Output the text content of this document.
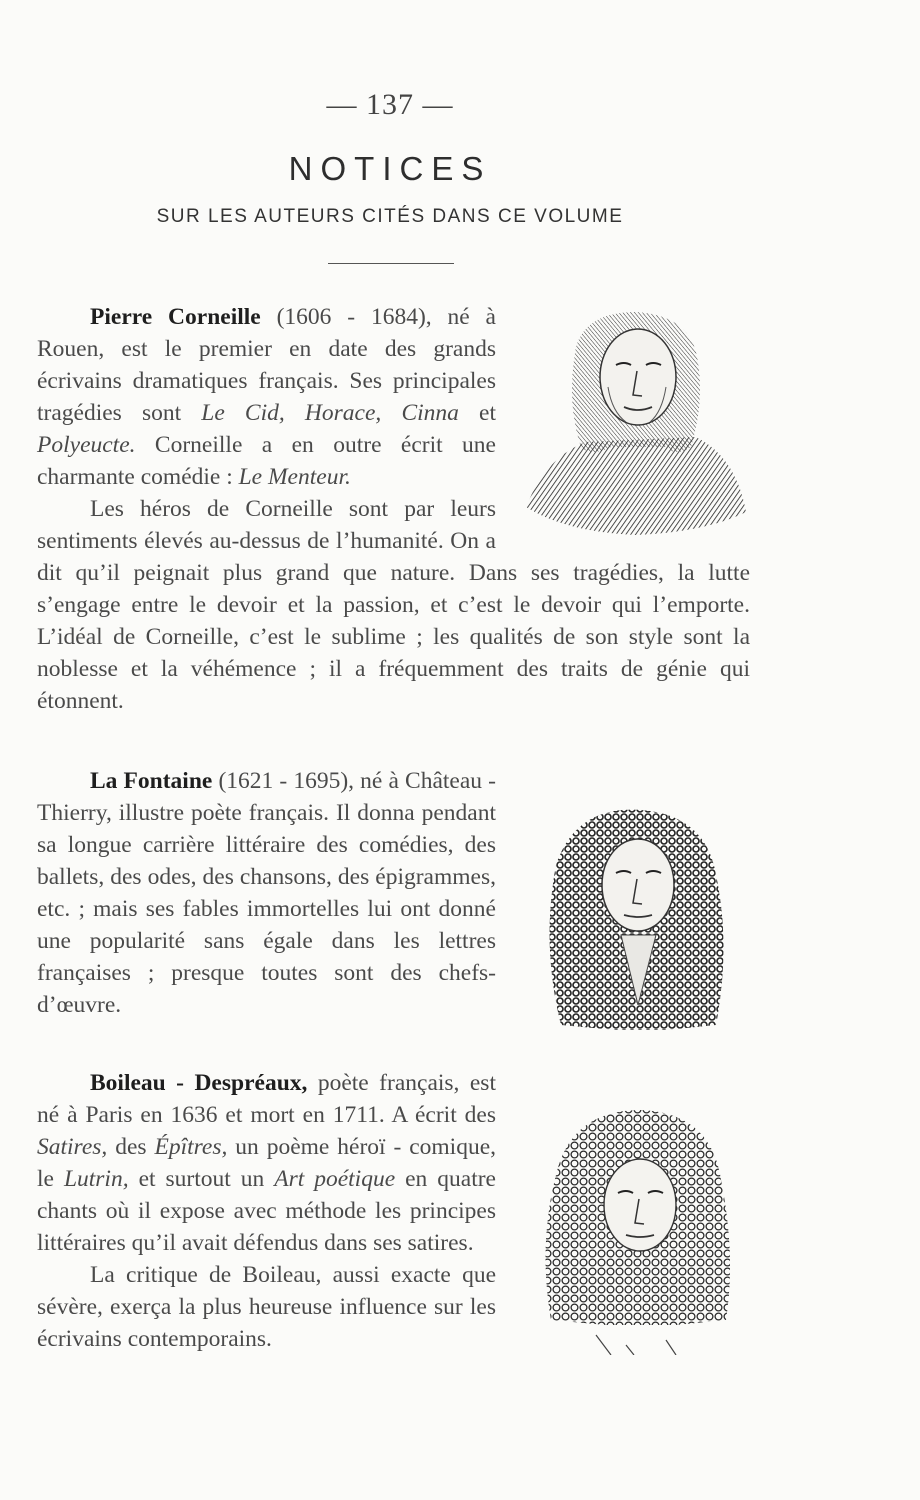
— 137 —
NOTICES
SUR LES AUTEURS CITÉS DANS CE VOLUME

Pierre Corneille (1606 - 1684), né à Rouen, est le premier en date des grands écrivains dramatiques français. Ses principales tragédies sont Le Cid, Horace, Cinna et Polyeucte. Corneille a en outre écrit une charmante comédie : Le Menteur.

Les héros de Corneille sont par leurs sentiments élevés au-dessus de l’humanité. On a dit qu’il peignait plus grand que nature. Dans ses tragédies, la lutte s’engage entre le devoir et la passion, et c’est le devoir qui l’emporte. L’idéal de Corneille, c’est le sublime ; les qualités de son style sont la noblesse et la véhémence ; il a fréquemment des traits de génie qui étonnent.

La Fontaine (1621 - 1695), né à Château - Thierry, illustre poète français. Il donna pendant sa longue carrière littéraire des comédies, des ballets, des odes, des chansons, des épigrammes, etc. ; mais ses fables immortelles lui ont donné une popularité sans égale dans les lettres françaises ; presque toutes sont des chefs-d’œuvre.

Boileau - Despréaux, poète français, est né à Paris en 1636 et mort en 1711. A écrit des Satires, des Épîtres, un poème héroï - comique, le Lutrin, et surtout un Art poétique en quatre chants où il expose avec méthode les principes littéraires qu’il avait défendus dans ses satires.

La critique de Boileau, aussi exacte que sévère, exerça la plus heureuse influence sur les écrivains contemporains.
